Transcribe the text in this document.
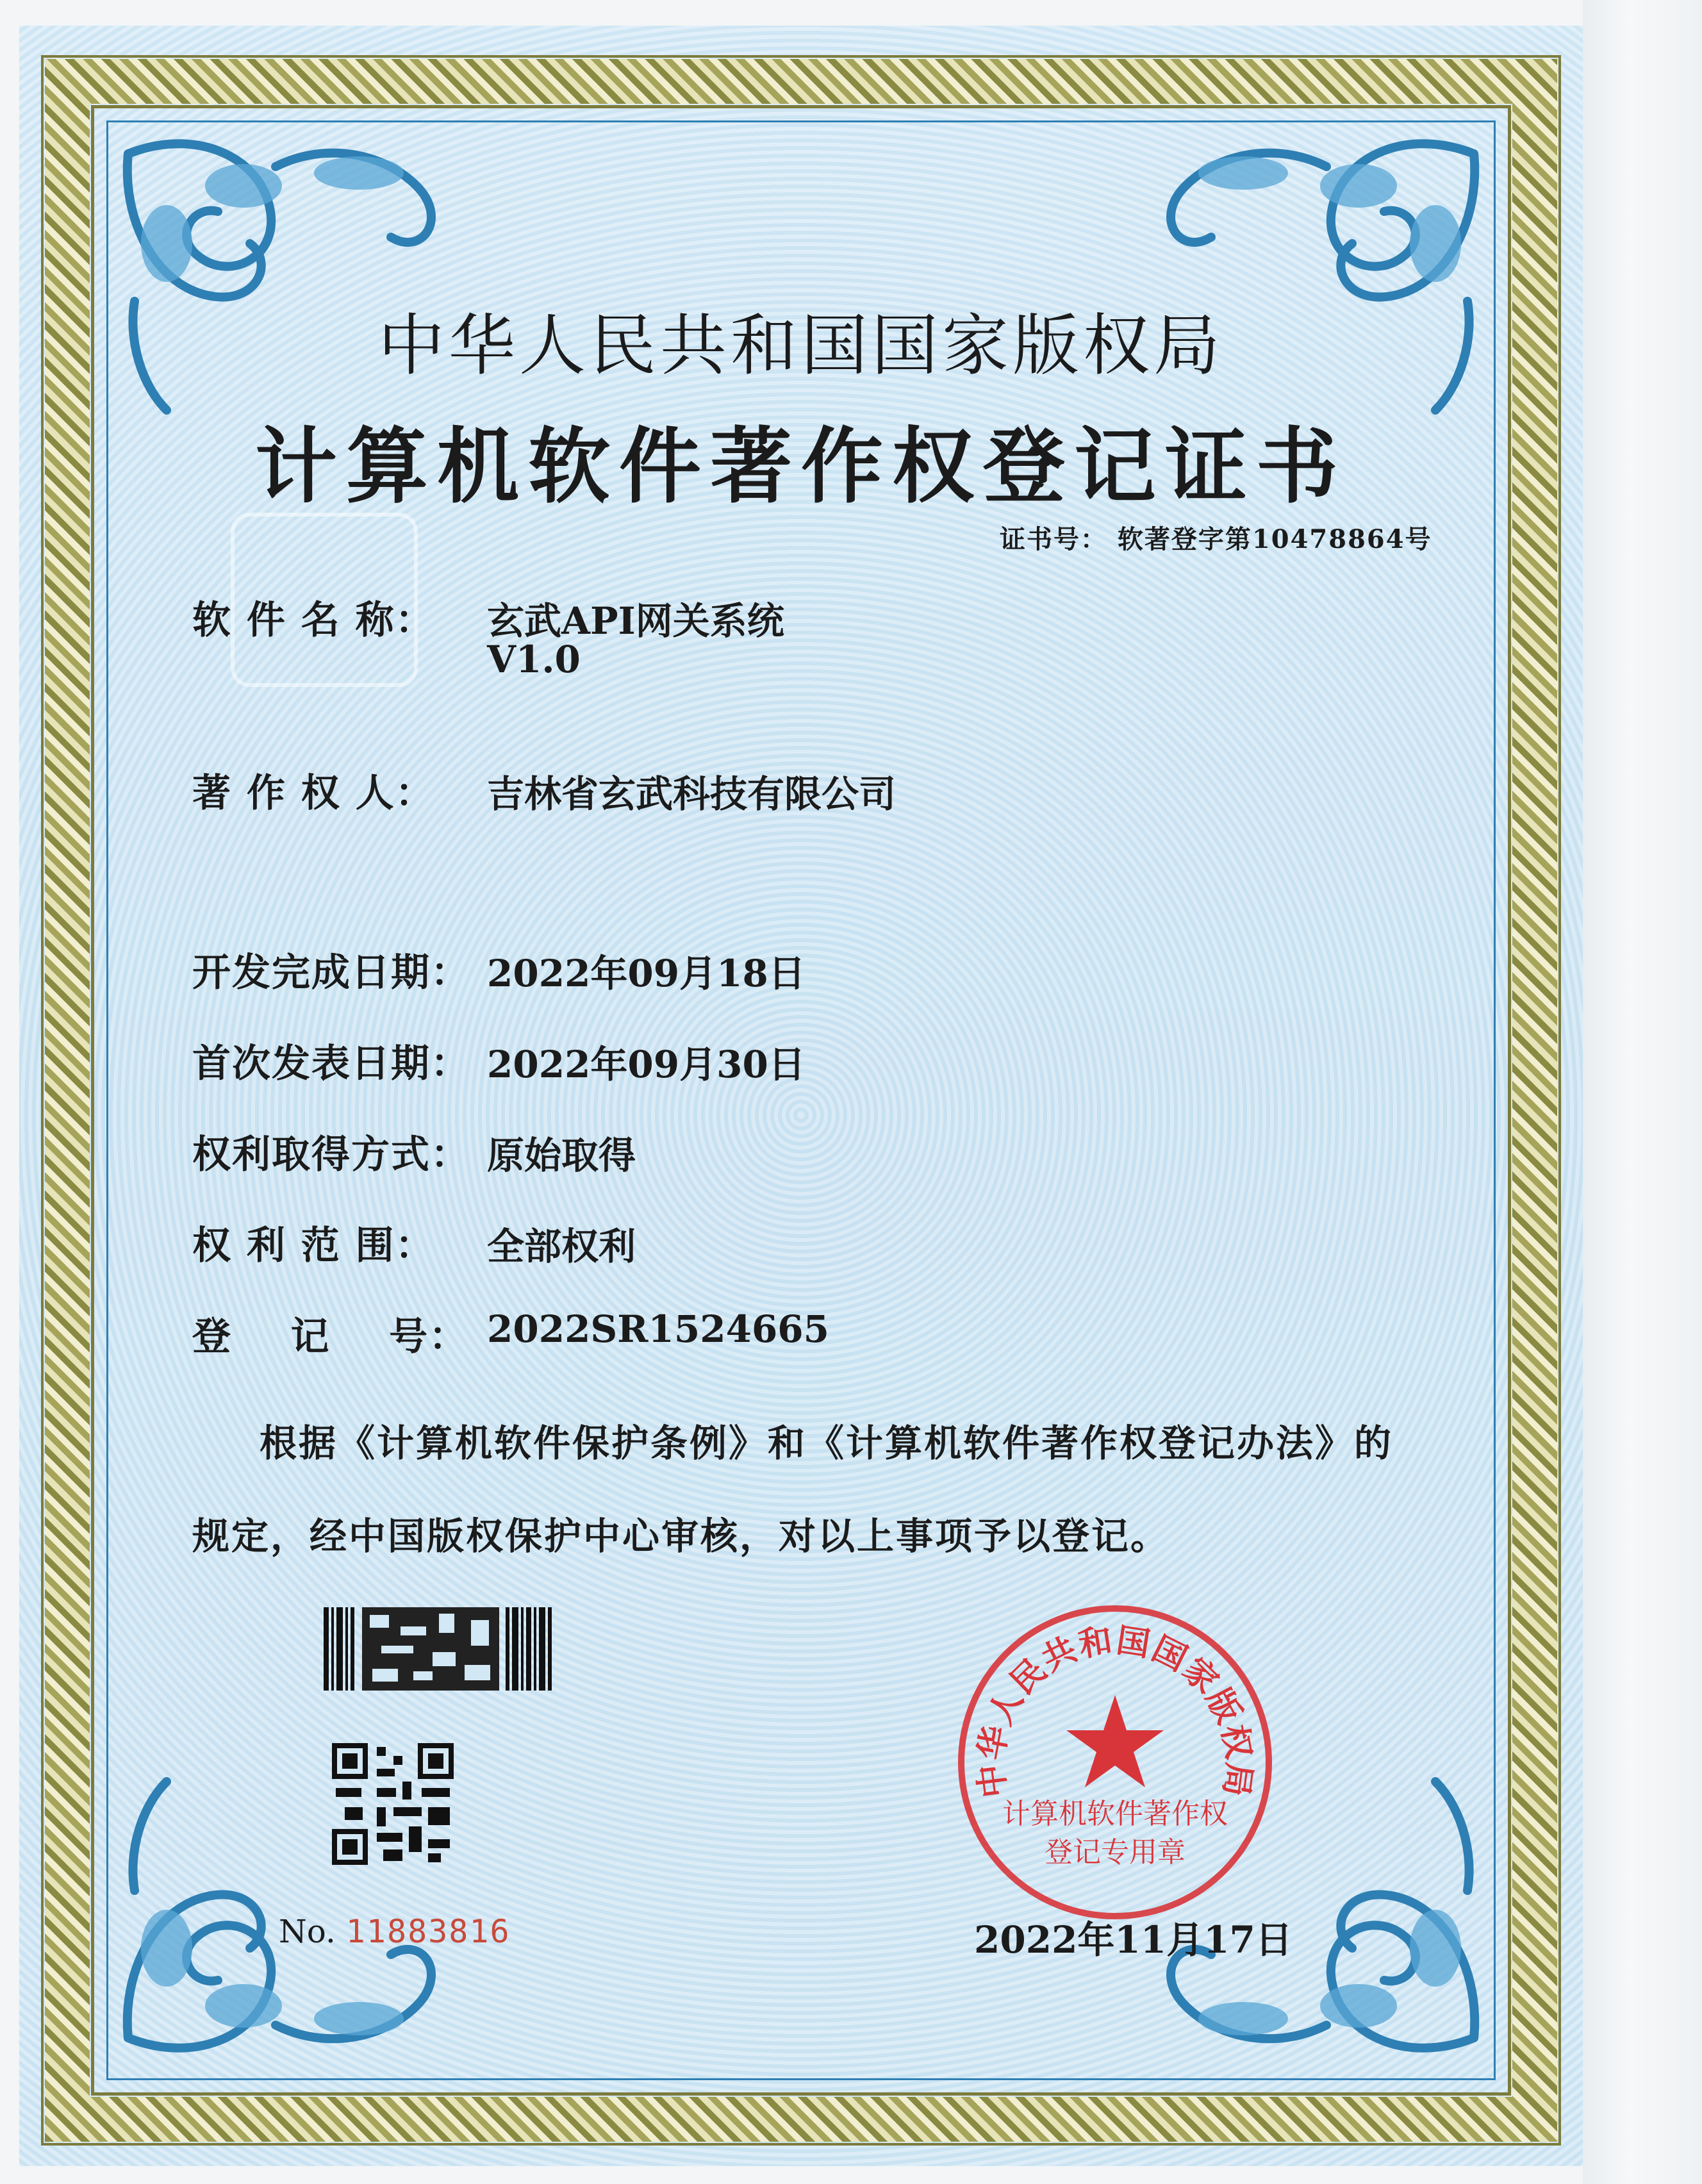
中华人民共和国国家版权局
计算机软件著作权登记证书
证书号： 软著登字第10478864号
软 件 名 称： 玄武API网关系统
V1.0
著 作 权 人： 吉林省玄武科技有限公司
开发完成日期： 2022年09月18日
首次发表日期： 2022年09月30日
权利取得方式： 原始取得
权 利 范 围： 全部权利
登    记    号： 2022SR1524665
根据《计算机软件保护条例》和《计算机软件著作权登记办法》的
规定，经中国版权保护中心审核，对以上事项予以登记。
No. 11883816
中华人民共和国国家版权局
计算机软件著作权
登记专用章
2022年11月17日
